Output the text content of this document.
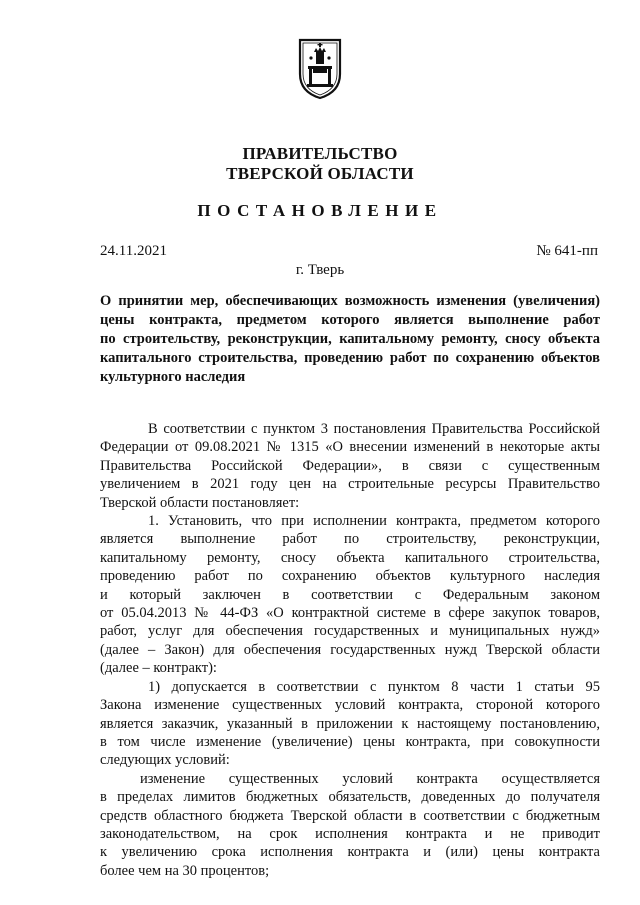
ПРАВИТЕЛЬСТВО
ТВЕРСКОЙ ОБЛАСТИ
ПОСТАНОВЛЕНИЕ
24.11.2021	№ 641-пп
г. Тверь
О принятии мер, обеспечивающих возможность изменения (увеличения)
цены контракта, предметом которого является выполнение работ
по строительству, реконструкции, капитальному ремонту, сносу объекта
капитального строительства, проведению работ по сохранению объектов
культурного наследия
В соответствии с пунктом 3 постановления Правительства Российской
Федерации от 09.08.2021 № 1315 «О внесении изменений в некоторые акты
Правительства Российской Федерации», в связи с существенным
увеличением в 2021 году цен на строительные ресурсы Правительство
Тверской области постановляет:
1. Установить, что при исполнении контракта, предметом которого
является выполнение работ по строительству, реконструкции,
капитальному ремонту, сносу объекта капитального строительства,
проведению работ по сохранению объектов культурного наследия
и который заключен в соответствии с Федеральным законом
от 05.04.2013 № 44-ФЗ «О контрактной системе в сфере закупок товаров,
работ, услуг для обеспечения государственных и муниципальных нужд»
(далее – Закон) для обеспечения государственных нужд Тверской области
(далее – контракт):
1) допускается в соответствии с пунктом 8 части 1 статьи 95
Закона изменение существенных условий контракта, стороной которого
является заказчик, указанный в приложении к настоящему постановлению,
в том числе изменение (увеличение) цены контракта, при совокупности
следующих условий:
изменение существенных условий контракта осуществляется
в пределах лимитов бюджетных обязательств, доведенных до получателя
средств областного бюджета Тверской области в соответствии с бюджетным
законодательством, на срок исполнения контракта и не приводит
к увеличению срока исполнения контракта и (или) цены контракта
более чем на 30 процентов;
